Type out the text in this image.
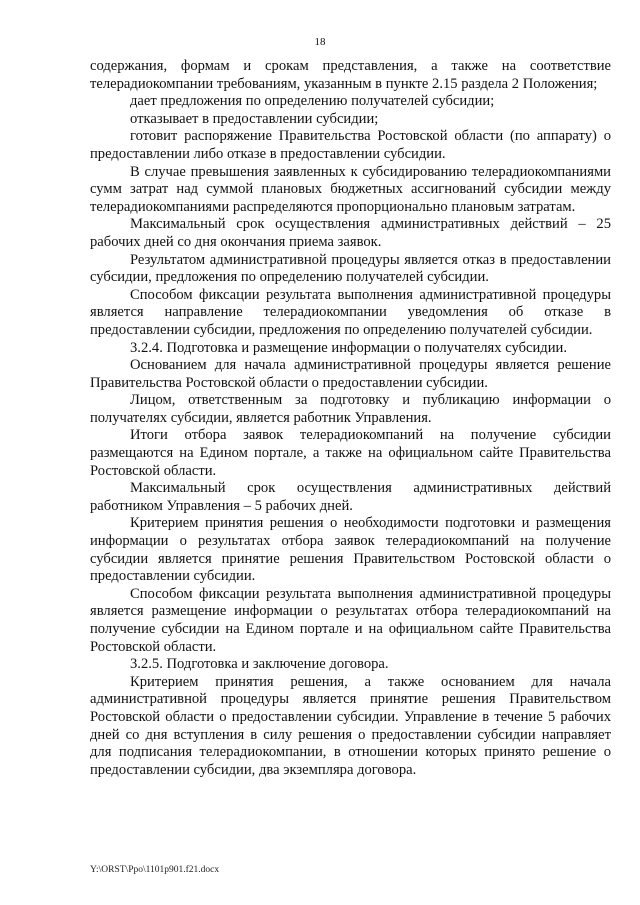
18

содержания, формам и срокам представления, а также на соответствие телерадиокомпании требованиям, указанным в пункте 2.15 раздела 2 Положения;

дает предложения по определению получателей субсидии;

отказывает в предоставлении субсидии;

готовит распоряжение Правительства Ростовской области (по аппарату) о предоставлении либо отказе в предоставлении субсидии.

В случае превышения заявленных к субсидированию телерадиокомпаниями сумм затрат над суммой плановых бюджетных ассигнований субсидии между телерадиокомпаниями распределяются пропорционально плановым затратам.

Максимальный срок осуществления административных действий – 25 рабочих дней со дня окончания приема заявок.

Результатом административной процедуры является отказ в предоставлении субсидии, предложения по определению получателей субсидии.

Способом фиксации результата выполнения административной процедуры является направление телерадиокомпании уведомления об отказе в предоставлении субсидии, предложения по определению получателей субсидии.

3.2.4. Подготовка и размещение информации о получателях субсидии.

Основанием для начала административной процедуры является решение Правительства Ростовской области о предоставлении субсидии.

Лицом, ответственным за подготовку и публикацию информации о получателях субсидии, является работник Управления.

Итоги отбора заявок телерадиокомпаний на получение субсидии размещаются на Едином портале, а также на официальном сайте Правительства Ростовской области.

Максимальный срок осуществления административных действий работником Управления – 5 рабочих дней.

Критерием принятия решения о необходимости подготовки и размещения информации о результатах отбора заявок телерадиокомпаний на получение субсидии является принятие решения Правительством Ростовской области о предоставлении субсидии.

Способом фиксации результата выполнения административной процедуры является размещение информации о результатах отбора телерадиокомпаний на получение субсидии на Едином портале и на официальном сайте Правительства Ростовской области.

3.2.5. Подготовка и заключение договора.

Критерием принятия решения, а также основанием для начала административной процедуры является принятие решения Правительством Ростовской области о предоставлении субсидии. Управление в течение 5 рабочих дней со дня вступления в силу решения о предоставлении субсидии направляет для подписания телерадиокомпании, в отношении которых принято решение о предоставлении субсидии, два экземпляра договора.

Y:\ORST\Ppo\1101p901.f21.docx
